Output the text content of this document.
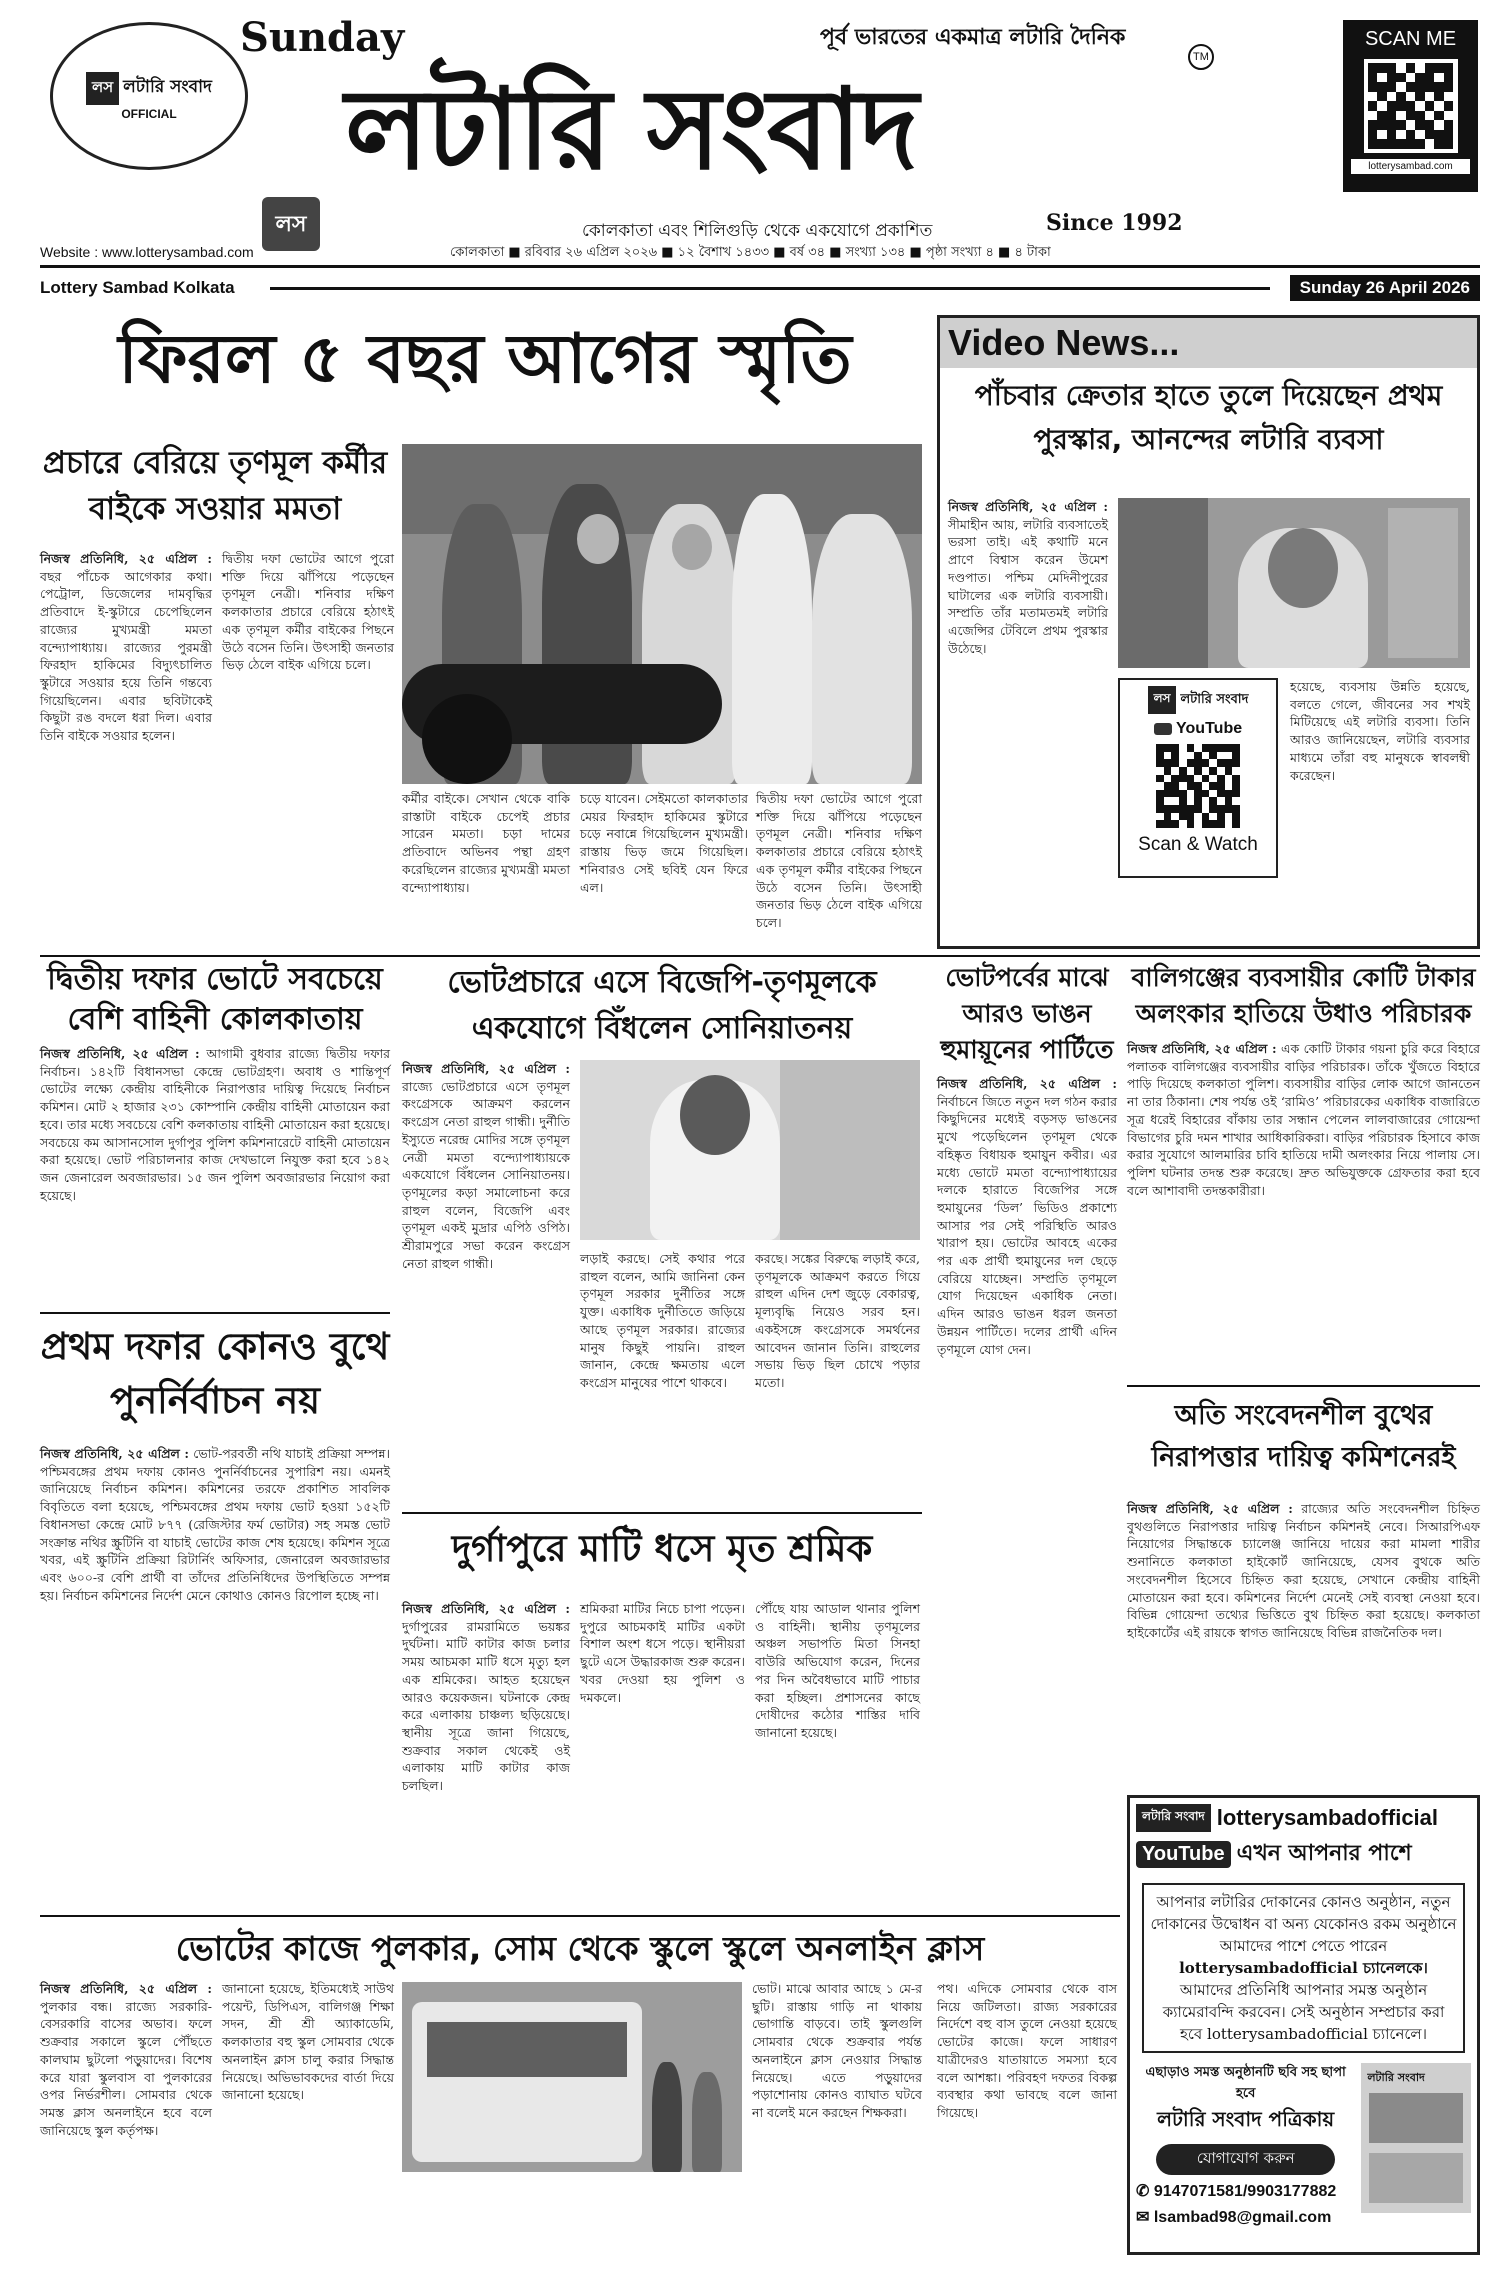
লস লটারি সংবাদ
OFFICIAL
Sunday	পূর্ব ভারতের একমাত্র লটারি দৈনিক
লটারি সংবাদ
TM
SCAN ME
lotterysambad.com
লস	কোলকাতা এবং শিলিগুড়ি থেকে একযোগে প্রকাশিত	Since 1992
Website : www.lotterysambad.com	কোলকাতা ■ রবিবার ২৬ এপ্রিল ২০২৬ ■ ১২ বৈশাখ ১৪৩৩ ■ বর্ষ ৩৪ ■ সংখ্যা ১৩৪ ■ পৃষ্ঠা সংখ্যা ৪ ■ ৪ টাকা
Lottery Sambad Kolkata	Sunday 26 April 2026
ফিরল ৫ বছর আগের স্মৃতি
প্রচারে বেরিয়ে তৃণমূল কর্মীর বাইকে সওয়ার মমতা
নিজস্ব প্রতিনিধি, ২৫ এপ্রিল : বছর পাঁচেক আগেকার কথা। পেট্রোল, ডিজেলের দামবৃদ্ধির প্রতিবাদে ই-স্কুটারে চেপেছিলেন রাজ্যের মুখ্যমন্ত্রী মমতা বন্দ্যোপাধ্যায়। রাজ্যের পুরমন্ত্রী ফিরহাদ হাকিমের বিদ্যুৎচালিত স্কুটারে সওয়ার হয়ে তিনি গন্তব্যে গিয়েছিলেন। এবার ছবিটাকেই কিছুটা রঙ বদলে ধরা দিল। এবার তিনি বাইকে সওয়ার হলেন।
দ্বিতীয় দফা ভোটের আগে পুরো শক্তি দিয়ে ঝাঁপিয়ে পড়েছেন তৃণমূল নেত্রী। শনিবার দক্ষিণ কলকাতার প্রচারে বেরিয়ে হঠাৎই এক তৃণমূল কর্মীর বাইকের পিছনে উঠে বসেন তিনি। উৎসাহী জনতার ভিড় ঠেলে বাইক এগিয়ে চলে।
কর্মীর বাইকে। সেখান থেকে বাকি রাস্তাটা বাইকে চেপেই প্রচার সারেন মমতা। চড়া দামের প্রতিবাদে অভিনব পন্থা গ্রহণ করেছিলেন রাজ্যের মুখ্যমন্ত্রী মমতা বন্দ্যোপাধ্যায়।
চড়ে যাবেন। সেইমতো কালকাতার মেয়র ফিরহাদ হাকিমের স্কুটারে চড়ে নবান্নে গিয়েছিলেন মুখ্যমন্ত্রী। রাস্তায় ভিড় জমে গিয়েছিল। শনিবারও সেই ছবিই যেন ফিরে এল।
দ্বিতীয় দফা ভোটের আগে পুরো শক্তি দিয়ে ঝাঁপিয়ে পড়েছেন তৃণমূল নেত্রী। শনিবার দক্ষিণ কলকাতার প্রচারে বেরিয়ে হঠাৎই এক তৃণমূল কর্মীর বাইকের পিছনে উঠে বসেন তিনি। উৎসাহী জনতার ভিড় ঠেলে বাইক এগিয়ে চলে।
Video News...
পাঁচবার ক্রেতার হাতে তুলে দিয়েছেন প্রথম পুরস্কার, আনন্দের লটারি ব্যবসা
নিজস্ব প্রতিনিধি, ২৫ এপ্রিল : সীমাহীন আয়, লটারি ব্যবসাতেই ভরসা তাই। এই কথাটি মনে প্রাণে বিশ্বাস করেন উমেশ দণ্ডপাত। পশ্চিম মেদিনীপুরের ঘাটালের এক লটারি ব্যবসায়ী। সম্প্রতি তাঁর মতামতমই লটারি এজেন্সির টেবিলে প্রথম পুরস্কার উঠেছে।
লস লটারি সংবাদ
YouTube
Scan & Watch
হয়েছে, ব্যবসায় উন্নতি হয়েছে, বলতে গেলে, জীবনের সব শখই মিটিয়েছে এই লটারি ব্যবসা। তিনি আরও জানিয়েছেন, লটারি ব্যবসার মাধ্যমে তাঁরা বহু মানুষকে স্বাবলম্বী করেছেন।
দ্বিতীয় দফার ভোটে সবচেয়ে বেশি বাহিনী কোলকাতায়
নিজস্ব প্রতিনিধি, ২৫ এপ্রিল : আগামী বুধবার রাজ্যে দ্বিতীয় দফার নির্বাচন। ১৪২টি বিধানসভা কেন্দ্রে ভোটগ্রহণ। অবাধ ও শান্তিপূর্ণ ভোটের লক্ষ্যে কেন্দ্রীয় বাহিনীকে নিরাপত্তার দায়িত্ব দিয়েছে নির্বাচন কমিশন। মোট ২ হাজার ২৩১ কোম্পানি কেন্দ্রীয় বাহিনী মোতায়েন করা হবে। তার মধ্যে সবচেয়ে বেশি কলকাতায় বাহিনী মোতায়েন করা হয়েছে। সবচেয়ে কম আসানসোল দুর্গাপুর পুলিশ কমিশনারেটে বাহিনী মোতায়েন করা হয়েছে। ভোট পরিচালনার কাজ দেখভালে নিযুক্ত করা হবে ১৪২ জন জেনারেল অবজারভার। ১৫ জন পুলিশ অবজারভার নিয়োগ করা হয়েছে।
প্রথম দফার কোনও বুথে পুনর্নির্বাচন নয়
নিজস্ব প্রতিনিধি, ২৫ এপ্রিল : ভোট-পরবর্তী নথি যাচাই প্রক্রিয়া সম্পন্ন। পশ্চিমবঙ্গের প্রথম দফায় কোনও পুনর্নির্বাচনের সুপারিশ নয়। এমনই জানিয়েছে নির্বাচন কমিশন। কমিশনের তরফে প্রকাশিত সাবলিক বিবৃতিতে বলা হয়েছে, পশ্চিমবঙ্গের প্রথম দফায় ভোট হওয়া ১৫২টি বিধানসভা কেন্দ্রে মোট ৮৭৭ (রেজিস্টার ফর্ম ভোটার) সহ সমস্ত ভোট সংক্রান্ত নথির স্ক্রুটিনি বা যাচাই ভোটের কাজ শেষ হয়েছে। কমিশন সূত্রে খবর, এই স্ক্রুটিনি প্রক্রিয়া রিটার্নিং অফিসার, জেনারেল অবজারভার এবং ৬০০-র বেশি প্রার্থী বা তাঁদের প্রতিনিধিদের উপস্থিতিতে সম্পন্ন হয়। নির্বাচন কমিশনের নির্দেশ মেনে কোথাও কোনও রিপোল হচ্ছে না।
ভোটপ্রচারে এসে বিজেপি-তৃণমূলকে একযোগে বিঁধলেন সোনিয়াতনয়
নিজস্ব প্রতিনিধি, ২৫ এপ্রিল : রাজ্যে ভোটপ্রচারে এসে তৃণমূল কংগ্রেসকে আক্রমণ করলেন কংগ্রেস নেতা রাহুল গান্ধী। দুর্নীতি ইস্যুতে নরেন্দ্র মোদির সঙ্গে তৃণমূল নেত্রী মমতা বন্দ্যোপাধ্যায়কে একযোগে বিঁধলেন সোনিয়াতনয়। তৃণমূলের কড়া সমালোচনা করে রাহুল বলেন, বিজেপি এবং তৃণমূল একই মুদ্রার এপিঠ ওপিঠ। শ্রীরামপুরে সভা করেন কংগ্রেস নেতা রাহুল গান্ধী।	লড়াই করছে। সেই কথার পরে রাহুল বলেন, আমি জানিনা কেন তৃণমূল সরকার দুর্নীতির সঙ্গে যুক্ত। একাধিক দুর্নীতিতে জড়িয়ে আছে তৃণমূল সরকার। রাজ্যের মানুষ কিছুই পায়নি। রাহুল জানান, কেন্দ্রে ক্ষমতায় এলে কংগ্রেস মানুষের পাশে থাকবে।
করছে। সঙ্কের বিরুদ্ধে লড়াই করে, তৃণমূলকে আক্রমণ করতে গিয়ে রাহুল এদিন দেশ জুড়ে বেকারত্ব, মূল্যবৃদ্ধি নিয়েও সরব হন। একইসঙ্গে কংগ্রেসকে সমর্থনের আবেদন জানান তিনি। রাহুলের সভায় ভিড় ছিল চোখে পড়ার মতো।
দুর্গাপুরে মাটি ধসে মৃত শ্রমিক
নিজস্ব প্রতিনিধি, ২৫ এপ্রিল : দুর্গাপুরের রামরামিতে ভয়ঙ্কর দুর্ঘটনা। মাটি কাটার কাজ চলার সময় আচমকা মাটি ধসে মৃত্যু হল এক শ্রমিকের। আহত হয়েছেন আরও কয়েকজন। ঘটনাকে কেন্দ্র করে এলাকায় চাঞ্চল্য ছড়িয়েছে। স্থানীয় সূত্রে জানা গিয়েছে, শুক্রবার সকাল থেকেই ওই এলাকায় মাটি কাটার কাজ চলছিল।
শ্রমিকরা মাটির নিচে চাপা পড়েন। দুপুরে আচমকাই মাটির একটা বিশাল অংশ ধসে পড়ে। স্থানীয়রা ছুটে এসে উদ্ধারকাজ শুরু করেন। খবর দেওয়া হয় পুলিশ ও দমকলে।
পৌঁছে যায় আডাল থানার পুলিশ ও বাহিনী। স্থানীয় তৃণমূলের অঞ্চল সভাপতি মিতা সিনহা বাউরি অভিযোগ করেন, দিনের পর দিন অবৈধভাবে মাটি পাচার করা হচ্ছিল। প্রশাসনের কাছে দোষীদের কঠোর শাস্তির দাবি জানানো হয়েছে।
ভোটপর্বের মাঝে আরও ভাঙন হুমায়ূনের পার্টিতে
নিজস্ব প্রতিনিধি, ২৫ এপ্রিল : নির্বাচনে জিতে নতুন দল গঠন করার কিছুদিনের মধ্যেই বড়সড় ভাঙনের মুখে পড়েছিলেন তৃণমূল থেকে বহিষ্কৃত বিধায়ক হুমায়ুন কবীর। এর মধ্যে ভোটে মমতা বন্দ্যোপাধ্যায়ের দলকে হারাতে বিজেপির সঙ্গে হুমায়ুনের ‘ডিল’ ভিডিও প্রকাশ্যে আসার পর সেই পরিস্থিতি আরও খারাপ হয়। ভোটের আবহে একের পর এক প্রার্থী হুমায়ুনের দল ছেড়ে বেরিয়ে যাচ্ছেন। সম্প্রতি তৃণমূলে যোগ দিয়েছেন একাধিক নেতা। এদিন আরও ভাঙন ধরল জনতা উন্নয়ন পার্টিতে। দলের প্রার্থী এদিন তৃণমূলে যোগ দেন।
বালিগঞ্জের ব্যবসায়ীর কোটি টাকার অলংকার হাতিয়ে উধাও পরিচারক
নিজস্ব প্রতিনিধি, ২৫ এপ্রিল : এক কোটি টাকার গয়না চুরি করে বিহারে পলাতক বালিগঞ্জের ব্যবসায়ীর বাড়ির পরিচারক। তাঁকে খুঁজতে বিহারে পাড়ি দিয়েছে কলকাতা পুলিশ। ব্যবসায়ীর বাড়ির লোক আগে জানতেন না তার ঠিকানা। শেষ পর্যন্ত ওই ‘রামিও’ পরিচারকের একাধিক বাজারিতে সূত্র ধরেই বিহারের বাঁকায় তার সন্ধান পেলেন লালবাজারের গোয়েন্দা বিভাগের চুরি দমন শাখার আধিকারিকরা। বাড়ির পরিচারক হিসাবে কাজ করার সুযোগে আলমারির চাবি হাতিয়ে দামী অলংকার নিয়ে পালায় সে। পুলিশ ঘটনার তদন্ত শুরু করেছে। দ্রুত অভিযুক্তকে গ্রেফতার করা হবে বলে আশাবাদী তদন্তকারীরা।
অতি সংবেদনশীল বুথের নিরাপত্তার দায়িত্ব কমিশনেরই
নিজস্ব প্রতিনিধি, ২৫ এপ্রিল : রাজ্যের অতি সংবেদনশীল চিহ্নিত বুথগুলিতে নিরাপত্তার দায়িত্ব নির্বাচন কমিশনই নেবে। সিআরপিএফ নিয়োগের সিদ্ধান্তকে চ্যালেঞ্জ জানিয়ে দায়ের করা মামলা শারীর শুনানিতে কলকাতা হাইকোর্ট জানিয়েছে, যেসব বুথকে অতি সংবেদনশীল হিসেবে চিহ্নিত করা হয়েছে, সেখানে কেন্দ্রীয় বাহিনী মোতায়েন করা হবে। কমিশনের নির্দেশ মেনেই সেই ব্যবস্থা নেওয়া হবে। বিভিন্ন গোয়েন্দা তথ্যের ভিত্তিতে বুথ চিহ্নিত করা হয়েছে। কলকাতা হাইকোর্টের এই রায়কে স্বাগত জানিয়েছে বিভিন্ন রাজনৈতিক দল।
লটারি সংবাদ lotterysambadofficial
YouTube এখন আপনার পাশে
আপনার লটারির দোকানের কোনও অনুষ্ঠান, নতুন দোকানের উদ্বোধন বা অন্য যেকোনও রকম অনুষ্ঠানে আমাদের পাশে পেতে পারেন
lotterysambadofficial চ্যানেলকে।
আমাদের প্রতিনিধি আপনার সমস্ত অনুষ্ঠান ক্যামেরাবন্দি করবেন। সেই অনুষ্ঠান সম্প্রচার করা হবে lotterysambadofficial চ্যানেলে।
এছাড়াও সমস্ত অনুষ্ঠানটি ছবি সহ ছাপা হবে
লটারি সংবাদ পত্রিকায়
যোগাযোগ করুন
✆ 9147071581/9903177882
✉ lsambad98@gmail.com
লটারি সংবাদ
ভোটের কাজে পুলকার, সোম থেকে স্কুলে স্কুলে অনলাইন ক্লাস
নিজস্ব প্রতিনিধি, ২৫ এপ্রিল : পুলকার বন্ধ। রাজ্যে সরকারি-বেসরকারি বাসের অভাব। ফলে শুক্রবার সকালে স্কুলে পৌঁছতে কালঘাম ছুটলো পড়ুয়াদের। বিশেষ করে যারা স্কুলবাস বা পুলকারের ওপর নির্ভরশীল। সোমবার থেকে সমস্ত ক্লাস অনলাইনে হবে বলে জানিয়েছে স্কুল কর্তৃপক্ষ।
জানানো হয়েছে, ইতিমধ্যেই সাউথ পয়েন্ট, ডিপিএস, বালিগঞ্জ শিক্ষা সদন, শ্রী শ্রী অ্যাকাডেমি, কলকাতার বহু স্কুল সোমবার থেকে অনলাইন ক্লাস চালু করার সিদ্ধান্ত নিয়েছে। অভিভাবকদের বার্তা দিয়ে জানানো হয়েছে।
ভোট। মাঝে আবার আছে ১ মে-র ছুটি। রাস্তায় গাড়ি না থাকায় ভোগান্তি বাড়বে। তাই স্কুলগুলি সোমবার থেকে শুক্রবার পর্যন্ত অনলাইনে ক্লাস নেওয়ার সিদ্ধান্ত নিয়েছে। এতে পড়ুয়াদের পড়াশোনায় কোনও ব্যাঘাত ঘটবে না বলেই মনে করছেন শিক্ষকরা।
পথ। এদিকে সোমবার থেকে বাস নিয়ে জটিলতা। রাজ্য সরকারের নির্দেশে বহু বাস তুলে নেওয়া হয়েছে ভোটের কাজে। ফলে সাধারণ যাত্রীদেরও যাতায়াতে সমস্যা হবে বলে আশঙ্কা। পরিবহণ দফতর বিকল্প ব্যবস্থার কথা ভাবছে বলে জানা গিয়েছে।
